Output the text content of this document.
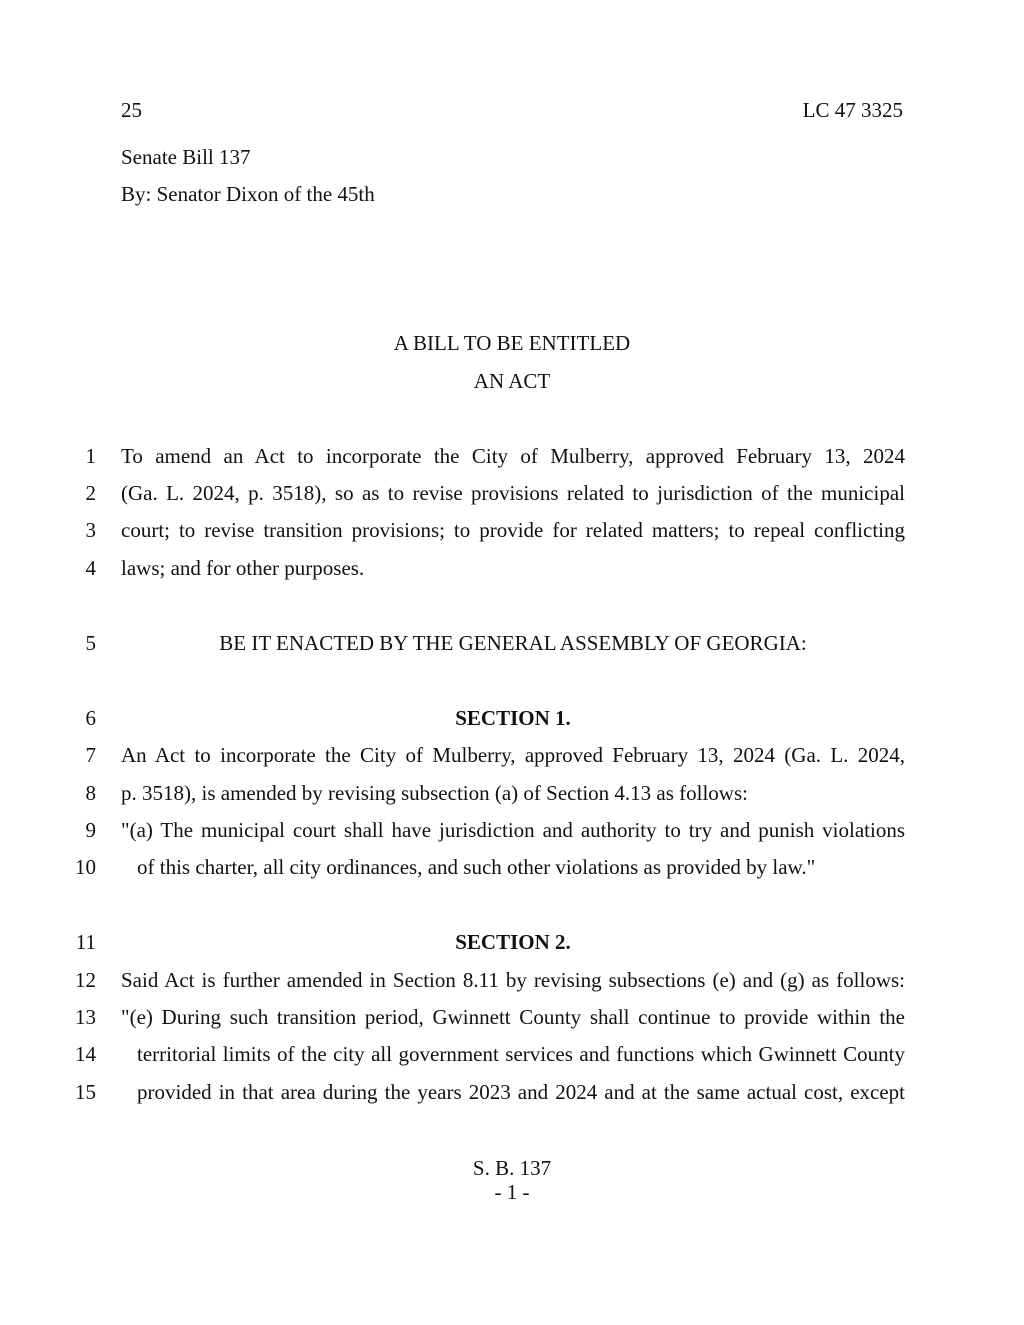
25	LC 47 3325
Senate Bill 137
By: Senator Dixon of the 45th
A BILL TO BE ENTITLED
AN ACT
1 To amend an Act to incorporate the City of Mulberry, approved February 13, 2024
2 (Ga. L. 2024, p. 3518), so as to revise provisions related to jurisdiction of the municipal
3 court; to revise transition provisions; to provide for related matters; to repeal conflicting
4 laws; and for other purposes.
5	BE IT ENACTED BY THE GENERAL ASSEMBLY OF GEORGIA:
6	SECTION 1.
7 An Act to incorporate the City of Mulberry, approved February 13, 2024 (Ga. L. 2024,
8 p. 3518), is amended by revising subsection (a) of Section 4.13 as follows:
9 "(a) The municipal court shall have jurisdiction and authority to try and punish violations
10 of this charter, all city ordinances, and such other violations as provided by law."
11	SECTION 2.
12 Said Act is further amended in Section 8.11 by revising subsections (e) and (g) as follows:
13 "(e) During such transition period, Gwinnett County shall continue to provide within the
14 territorial limits of the city all government services and functions which Gwinnett County
15 provided in that area during the years 2023 and 2024 and at the same actual cost, except
S. B. 137
- 1 -
